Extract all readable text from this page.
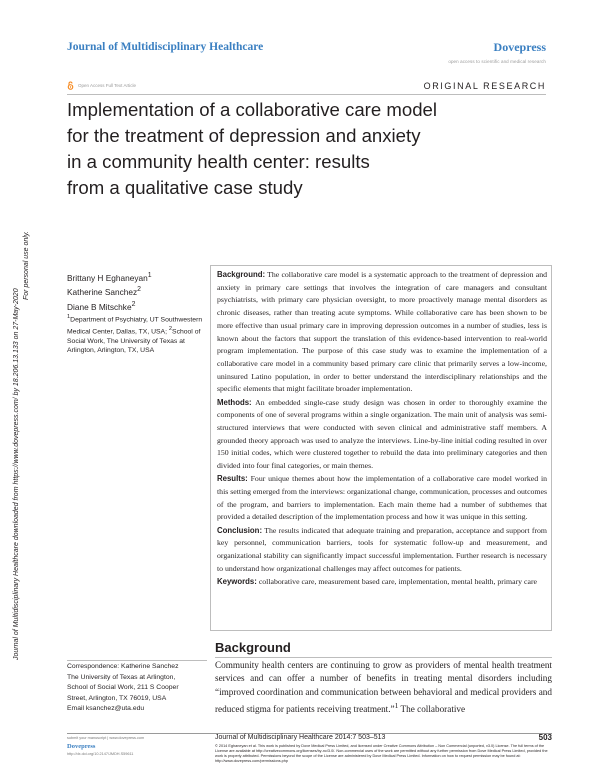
Journal of Multidisciplinary Healthcare	Dovepress
open access to scientific and medical research
Open Access Full Text Article	ORIGINAL RESEARCH
Implementation of a collaborative care model
for the treatment of depression and anxiety
in a community health center: results
from a qualitative case study
Journal of Multidisciplinary Healthcare downloaded from https://www.dovepress.com/ by 18.206.13.133 on 27-May-2020
For personal use only.	Brittany H Eghaneyan$^1$
Katherine Sanchez$^2$
Diane B Mitschke$^2$
$^1$Department of Psychiatry, UT Southwestern Medical Center, Dallas, TX, USA; $^2$School of Social Work, The University of Texas at Arlington, Arlington, TX, USA

Background: The collaborative care model is a systematic approach to the treatment of depression and anxiety in primary care settings that involves the integration of care managers and consultant psychiatrists, with primary care physician oversight, to more proactively manage mental disorders as chronic diseases, rather than treating acute symptoms. While collaborative care has been shown to be more effective than usual primary care in improving depression outcomes in a number of studies, less is known about the factors that support the translation of this evidence-based intervention to real-world program implementation. The purpose of this case study was to examine the implementation of a collaborative care model in a community based primary care clinic that primarily serves a low-income, uninsured Latino population, in order to better understand the interdisciplinary relationships and the specific elements that might facilitate broader implementation.

Methods: An embedded single-case study design was chosen in order to thoroughly examine the components of one of several programs within a single organization. The main unit of analysis was semi-structured interviews that were conducted with seven clinical and administrative staff members. A grounded theory approach was used to analyze the interviews. Line-by-line initial coding resulted in over 150 initial codes, which were clustered together to rebuild the data into preliminary categories and then divided into four final categories, or main themes.

Results: Four unique themes about how the implementation of a collaborative care model worked in this setting emerged from the interviews: organizational change, communication, processes and outcomes of the program, and barriers to implementation. Each main theme had a number of subthemes that provided a detailed description of the implementation process and how it was unique in this setting.

Conclusion: The results indicated that adequate training and preparation, acceptance and support from key personnel, communication barriers, tools for systematic follow-up and measurement, and organizational stability can significantly impact successful implementation. Further research is necessary to understand how organizational challenges may affect outcomes for patients.

Keywords: collaborative care, measurement based care, implementation, mental health, primary care

Background
Community health centers are continuing to grow as providers of mental health treatment services and can offer a number of benefits in treating mental disorders including “improved coordination and communication between behavioral and medical providers and reduced stigma for patients receiving treatment.”$^1$ The collaborative
Correspondence: Katherine Sanchez
The University of Texas at Arlington,
School of Social Work, 211 S Cooper
Street, Arlington, TX 76019, USA
Email ksanchez@uta.edu
submit your manuscript | www.dovepress.com
Dovepress
http://dx.doi.org/10.2147/JMDH.S59611
Journal of Multidisciplinary Healthcare 2014:7 503–513	503
© 2014 Eghaneyan et al. This work is published by Dove Medical Press Limited, and licensed under Creative Commons Attribution – Non Commercial (unported, v3.0) License. The full terms of the License are available at http://creativecommons.org/licenses/by-nc/3.0/. Non-commercial uses of the work are permitted without any further permission from Dove Medical Press Limited, provided the work is properly attributed. Permissions beyond the scope of the License are administered by Dove Medical Press Limited. Information on how to request permission may be found at: http://www.dovepress.com/permissions.php
